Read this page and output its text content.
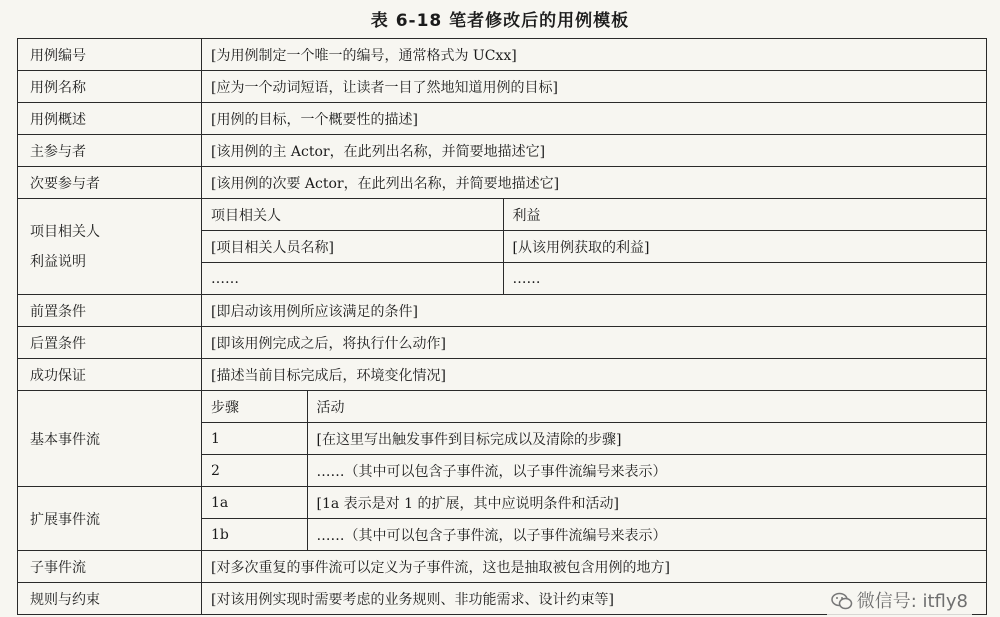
表 6-18 笔者修改后的用例模板
用例编号	[为用例制定一个唯一的编号，通常格式为 UCxx]
用例名称	[应为一个动词短语，让读者一目了然地知道用例的目标]
用例概述	[用例的目标，一个概要性的描述]
主参与者	[该用例的主 Actor，在此列出名称，并简要地描述它]
次要参与者	[该用例的次要 Actor，在此列出名称，并简要地描述它]

项目相关人
利益说明

项目相关人	利益
[项目相关人员名称]	[从该用例获取的利益]
……	……

前置条件	[即启动该用例所应该满足的条件]
后置条件	[即该用例完成之后，将执行什么动作]
成功保证	[描述当前目标完成后，环境变化情况]
基本事件流	
步骤	活动
1	[在这里写出触发事件到目标完成以及清除的步骤]
2	……（其中可以包含子事件流，以子事件流编号来表示）

扩展事件流	
1a	[1a 表示是对 1 的扩展，其中应说明条件和活动]
1b	……（其中可以包含子事件流，以子事件流编号来表示）

子事件流	[对多次重复的事件流可以定义为子事件流，这也是抽取被包含用例的地方]
规则与约束	[对该用例实现时需要考虑的业务规则、非功能需求、设计约束等]	微信号: itfly8
